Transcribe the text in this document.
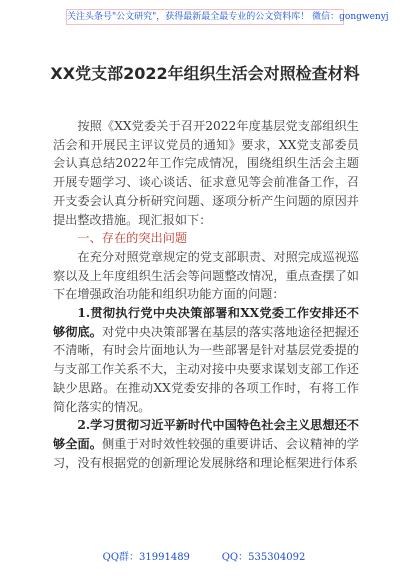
关注头条号"公文研究"，获得最新最全最专业的公文资料库！ 微信：gongwenyj
XX党支部2022年组织生活会对照检查材料

按照《XX党委关于召开2022年度基层党支部组织生活会和开展民主评议党员的通知》要求，XX党支部委员会认真总结2022年工作完成情况，围绕组织生活会主题开展专题学习、谈心谈话、征求意见等会前准备工作，召开支委会认真分析研究问题、逐项分析产生问题的原因并提出整改措施。现汇报如下：

一、存在的突出问题

在充分对照党章规定的党支部职责、对照完成巡视巡察以及上年度组织生活会等问题整改情况，重点查摆了如下在增强政治功能和组织功能方面的问题：

1.贯彻执行党中央决策部署和XX党委工作安排还不够彻底。对党中央决策部署在基层的落实落地途径把握还不清晰，有时会片面地认为一些部署是针对基层党委提的与支部工作关系不大，主动对接中央要求谋划支部工作还缺少思路。在推动XX党委安排的各项工作时，有将工作简化落实的情况。

2.学习贯彻习近平新时代中国特色社会主义思想还不够全面。侧重于对时效性较强的重要讲话、会议精神的学习，没有根据党的创新理论发展脉络和理论框架进行体系

QQ群：31991489          QQ：535304092
